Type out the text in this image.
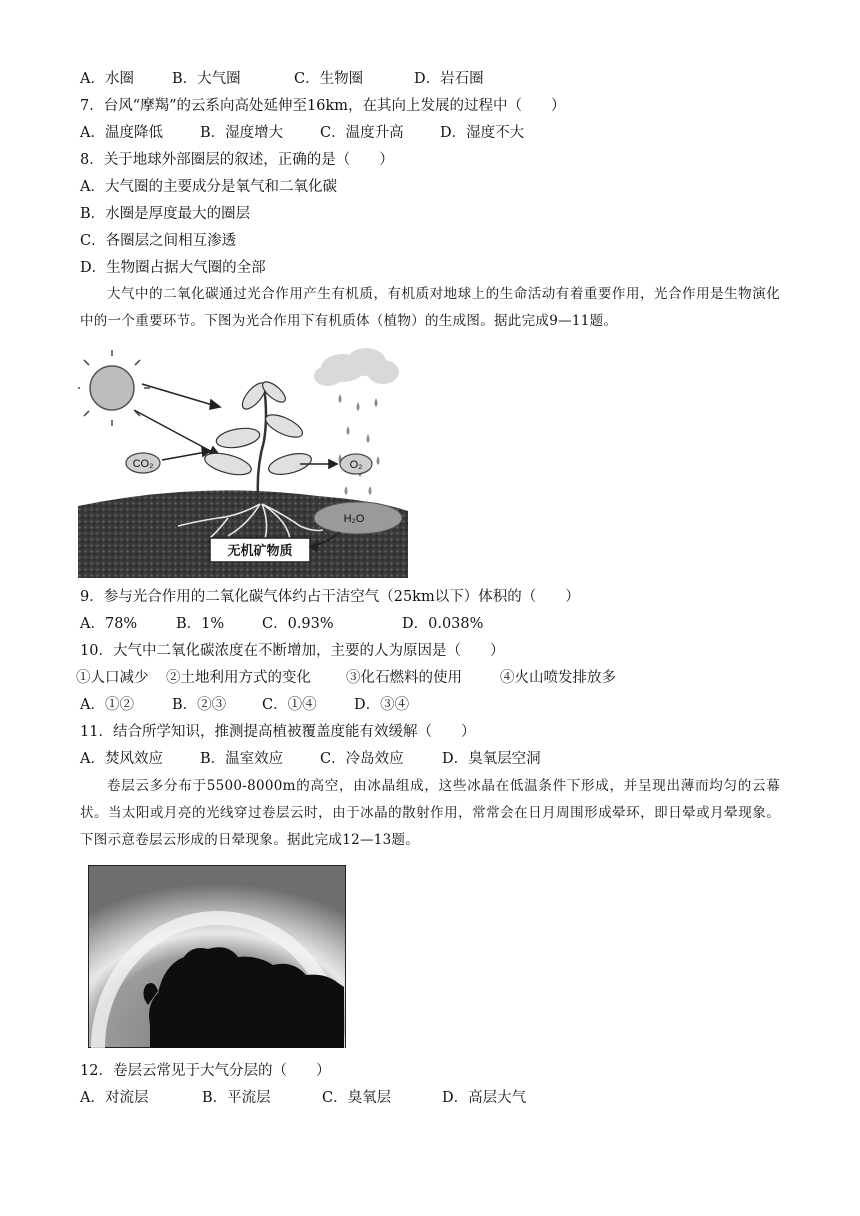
A．水圈	B．大气圈	C．生物圈	D．岩石圈
7．台风“摩羯”的云系向高处延伸至16km，在其向上发展的过程中（　　）
A．温度降低	B．湿度增大	C．温度升高	D．湿度不大
8．关于地球外部圈层的叙述，正确的是（　　）
A．大气圈的主要成分是氧气和二氧化碳
B．水圈是厚度最大的圈层
C．各圈层之间相互渗透
D．生物圈占据大气圈的全部
大气中的二氧化碳通过光合作用产生有机质，有机质对地球上的生命活动有着重要作用，光合作用是生物演化中的一个重要环节。下图为光合作用下有机质体（植物）的生成图。据此完成9—11题。
CO₂	O₂
H₂O
无机矿物质
9．参与光合作用的二氧化碳气体约占干洁空气（25km以下）体积的（　　）
A．78%	B．1%	C．0.93%	D．0.038%
10．大气中二氧化碳浓度在不断增加，主要的人为原因是（　　）
①人口减少 ②土地利用方式的变化 ③化石燃料的使用	④火山喷发排放多
A．①②	B．②③ C．①④	D．③④
11．结合所学知识，推测提高植被覆盖度能有效缓解（　　）
A．焚风效应	B．温室效应	C．冷岛效应	D．臭氧层空洞
卷层云多分布于5500-8000m的高空，由冰晶组成，这些冰晶在低温条件下形成，并呈现出薄而均匀的云幕状。当太阳或月亮的光线穿过卷层云时，由于冰晶的散射作用，常常会在日月周围形成晕环，即日晕或月晕现象。下图示意卷层云形成的日晕现象。据此完成12—13题。
12．卷层云常见于大气分层的（　　）
A．对流层	B．平流层	C．臭氧层	D．高层大气
